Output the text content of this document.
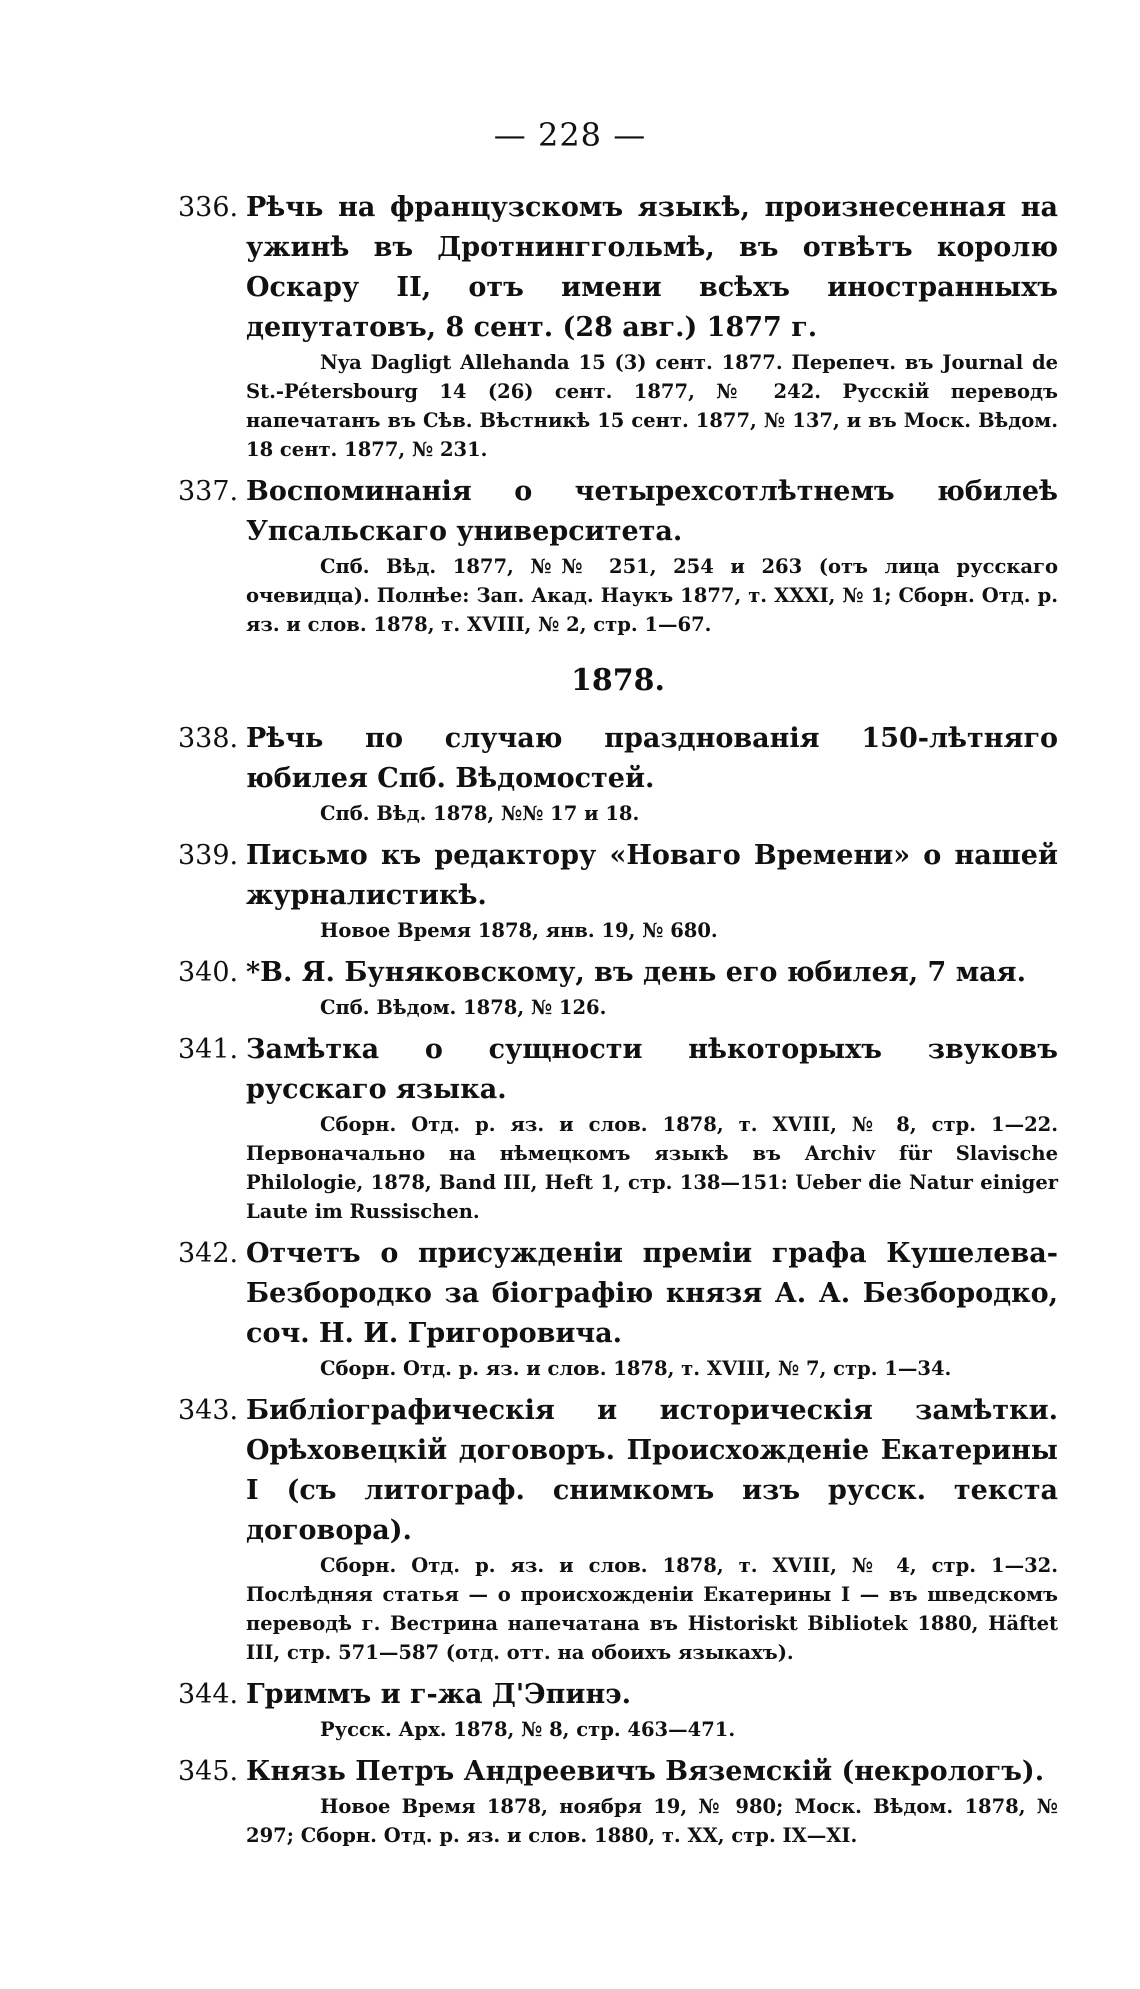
— 228 —
336. Рѣчь на французскомъ языкѣ, произнесенная на ужинѣ въ Дротнинггольмѣ, въ отвѣтъ королю Оскару II, отъ имени всѣхъ иностранныхъ депутатовъ, 8 сент. (28 авг.) 1877 г.
Nya Dagligt Allehanda 15 (3) сент. 1877. Перепеч. въ Journal de St.-Pétersbourg 14 (26) сент. 1877, № 242. Русскій переводъ напечатанъ въ Сѣв. Вѣстникѣ 15 сент. 1877, № 137, и въ Моск. Вѣдом. 18 сент. 1877, № 231.
337. Воспоминанія о четырехсотлѣтнемъ юбилеѣ Упсальскаго университета.
Спб. Вѣд. 1877, №№ 251, 254 и 263 (отъ лица русскаго очевидца). Полнѣе: Зап. Акад. Наукъ 1877, т. XXXI, № 1; Сборн. Отд. р. яз. и слов. 1878, т. XVIII, № 2, стр. 1—67.
1878.
338. Рѣчь по случаю празднованія 150-лѣтняго юбилея Спб. Вѣдомостей.
Спб. Вѣд. 1878, №№ 17 и 18.
339. Письмо къ редактору «Новаго Времени» о нашей журналистикѣ.
Новое Время 1878, янв. 19, № 680.
340. *В. Я. Буняковскому, въ день его юбилея, 7 мая.
Спб. Вѣдом. 1878, № 126.
341. Замѣтка о сущности нѣкоторыхъ звуковъ русскаго языка.
Сборн. Отд. р. яз. и слов. 1878, т. XVIII, № 8, стр. 1—22. Первоначально на нѣмецкомъ языкѣ въ Archiv für Slavische Philologie, 1878, Band III, Heft 1, стр. 138—151: Ueber die Natur einiger Laute im Russischen.
342. Отчетъ о присужденіи преміи графа Кушелева-Безбородко за біографію князя А. А. Безбородко, соч. Н. И. Григоровича.
Сборн. Отд. р. яз. и слов. 1878, т. XVIII, № 7, стр. 1—34.
343. Библіографическія и историческія замѣтки. Орѣховецкій договоръ. Происхожденіе Екатерины I (съ литограф. снимкомъ изъ русск. текста договора).
Сборн. Отд. р. яз. и слов. 1878, т. XVIII, № 4, стр. 1—32. Послѣдняя статья — о происхожденіи Екатерины I — въ шведскомъ переводѣ г. Вестрина напечатана въ Historiskt Bibliotek 1880, Häftet III, стр. 571—587 (отд. отт. на обоихъ языкахъ).
344. Гриммъ и г-жа Д'Эпинэ.
Русск. Арх. 1878, № 8, стр. 463—471.
345. Князь Петръ Андреевичъ Вяземскій (некрологъ).
Новое Время 1878, ноября 19, № 980; Моск. Вѣдом. 1878, № 297; Сборн. Отд. р. яз. и слов. 1880, т. XX, стр. IX—XI.
